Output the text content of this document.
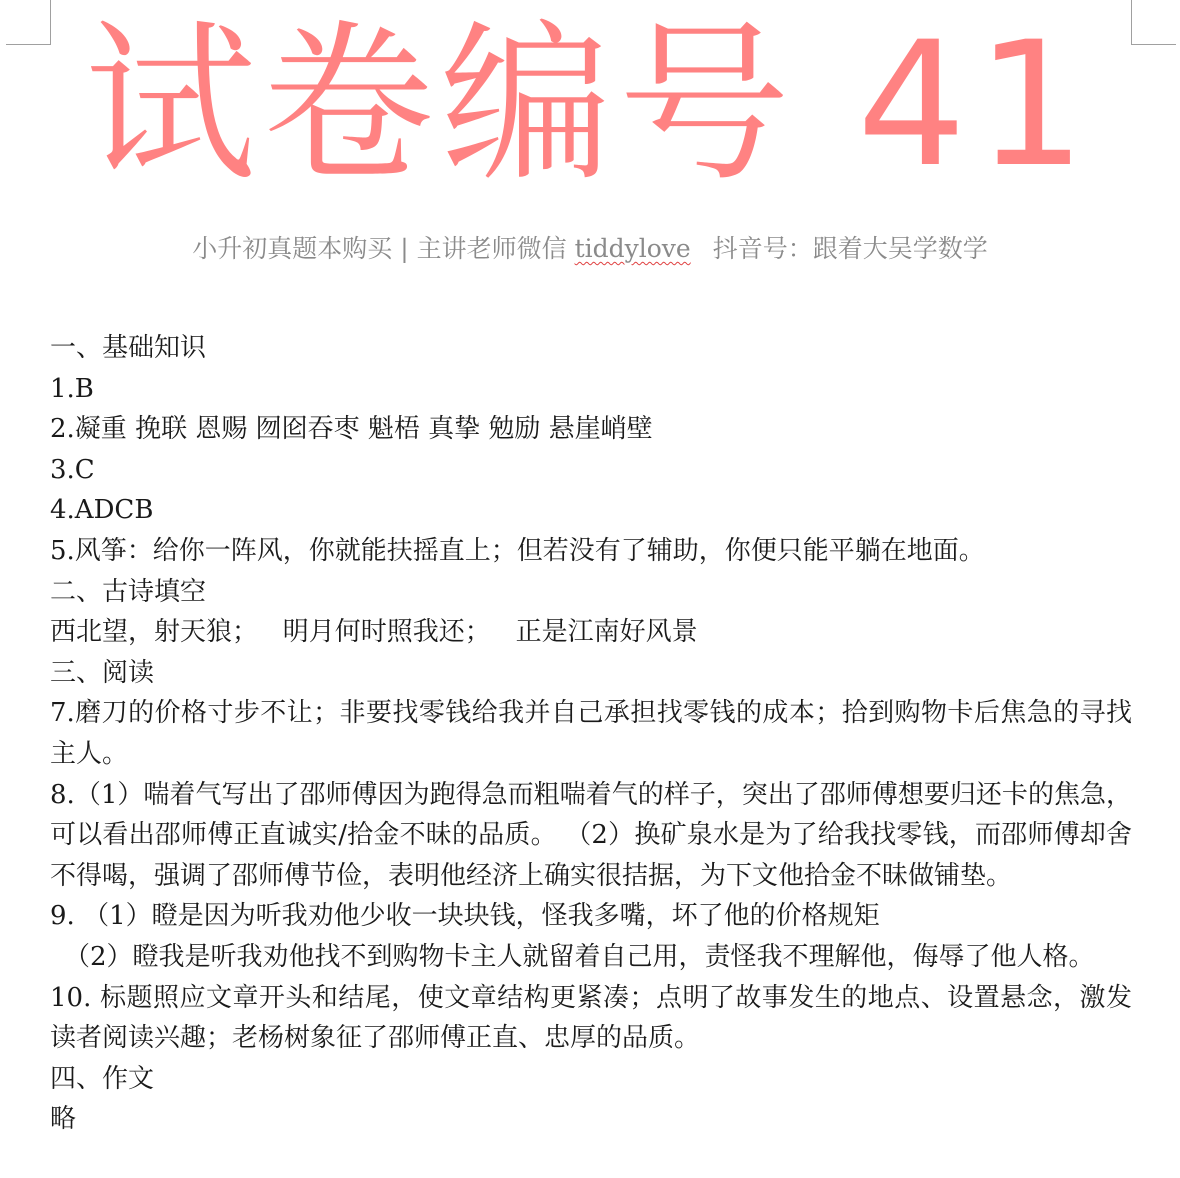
试卷编号 41
小升初真题本购买 | 主讲老师微信 tiddylove 抖音号：跟着大吴学数学

一、基础知识

1.B

2.凝重 挽联 恩赐 囫囵吞枣 魁梧 真挚 勉励 悬崖峭壁

3.C

4.ADCB

5.风筝：给你一阵风，你就能扶摇直上；但若没有了辅助，你便只能平躺在地面。

二、古诗填空

西北望，射天狼；   明月何时照我还；   正是江南好风景

三、阅读

7.磨刀的价格寸步不让；非要找零钱给我并自己承担找零钱的成本；拾到购物卡后焦急的寻找主人。

8.（1）喘着气写出了邵师傅因为跑得急而粗喘着气的样子，突出了邵师傅想要归还卡的焦急，可以看出邵师傅正直诚实/拾金不昧的品质。 （2）换矿泉水是为了给我找零钱，而邵师傅却舍不得喝，强调了邵师傅节俭，表明他经济上确实很拮据，为下文他拾金不昧做铺垫。

9. （1）瞪是因为听我劝他少收一块块钱，怪我多嘴，坏了他的价格规矩

（2）瞪我是听我劝他找不到购物卡主人就留着自己用，责怪我不理解他，侮辱了他人格。

10. 标题照应文章开头和结尾，使文章结构更紧凑；点明了故事发生的地点、设置悬念，激发读者阅读兴趣；老杨树象征了邵师傅正直、忠厚的品质。

四、作文

略
